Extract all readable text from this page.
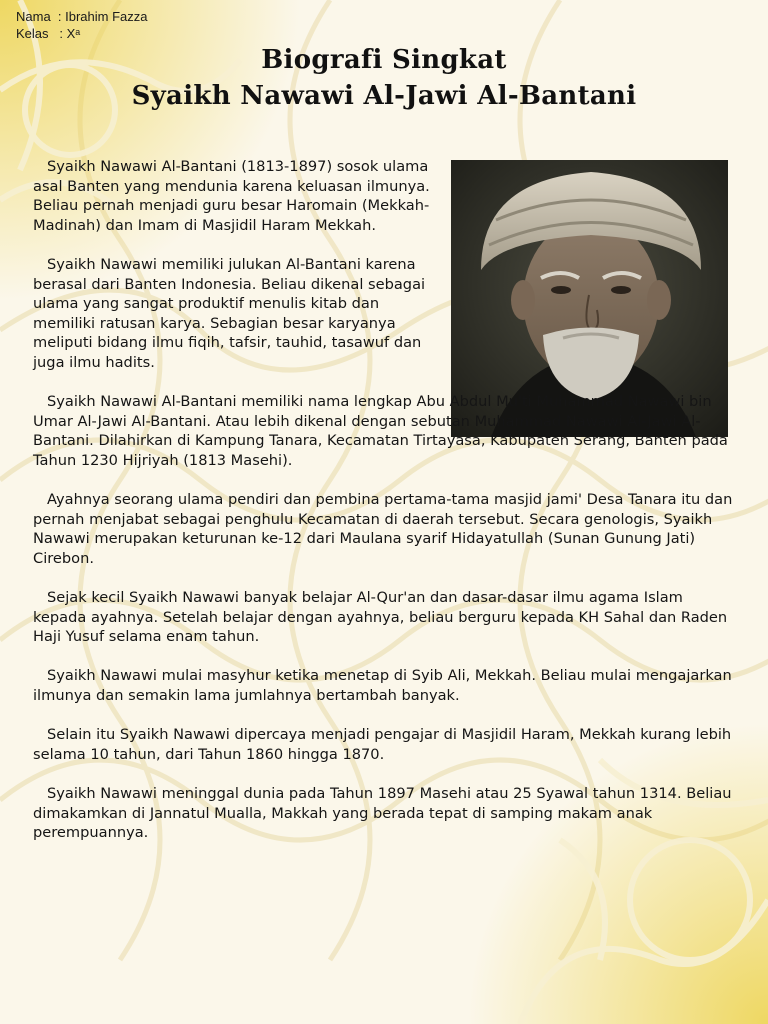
Nama  : Ibrahim Fazza
Kelas   : Xᵃ
Biografi Singkat
Syaikh Nawawi Al-Jawi Al-Bantani

Syaikh Nawawi Al-Bantani (1813-1897) sosok ulama asal Banten yang mendunia karena keluasan ilmunya. Beliau pernah menjadi guru besar Haromain (Mekkah-Madinah) dan Imam di Masjidil Haram Mekkah.

Syaikh Nawawi memiliki julukan Al-Bantani karena berasal dari Banten Indonesia. Beliau dikenal sebagai ulama yang sangat produktif menulis kitab dan memiliki ratusan karya. Sebagian besar karyanya meliputi bidang ilmu fiqih, tafsir, tauhid, tasawuf dan juga ilmu hadits.

Syaikh Nawawi Al-Bantani memiliki nama lengkap Abu Abdul Mu'ti Muhammad Nawawi bin Umar Al-Jawi Al-Bantani. Atau lebih dikenal dengan sebutan Muhammad Nawawi Al-Jawi Al-Bantani. Dilahirkan di Kampung Tanara, Kecamatan Tirtayasa, Kabupaten Serang, Banten pada Tahun 1230 Hijriyah (1813 Masehi).

Ayahnya seorang ulama pendiri dan pembina pertama-tama masjid jami' Desa Tanara itu dan pernah menjabat sebagai penghulu Kecamatan di daerah tersebut. Secara genologis, Syaikh Nawawi merupakan keturunan ke-12 dari Maulana syarif Hidayatullah (Sunan Gunung Jati) Cirebon.

Sejak kecil Syaikh Nawawi banyak belajar Al-Qur'an dan dasar-dasar ilmu agama Islam kepada ayahnya. Setelah belajar dengan ayahnya, beliau berguru kepada KH Sahal dan Raden Haji Yusuf selama enam tahun.

Syaikh Nawawi mulai masyhur ketika menetap di Syib Ali, Mekkah. Beliau mulai mengajarkan ilmunya dan semakin lama jumlahnya bertambah banyak.

Selain itu Syaikh Nawawi dipercaya menjadi pengajar di Masjidil Haram, Mekkah kurang lebih selama 10 tahun, dari Tahun 1860 hingga 1870.

Syaikh Nawawi meninggal dunia pada Tahun 1897 Masehi atau 25 Syawal tahun 1314. Beliau dimakamkan di Jannatul Mualla, Makkah yang berada tepat di samping makam anak perempuannya.
